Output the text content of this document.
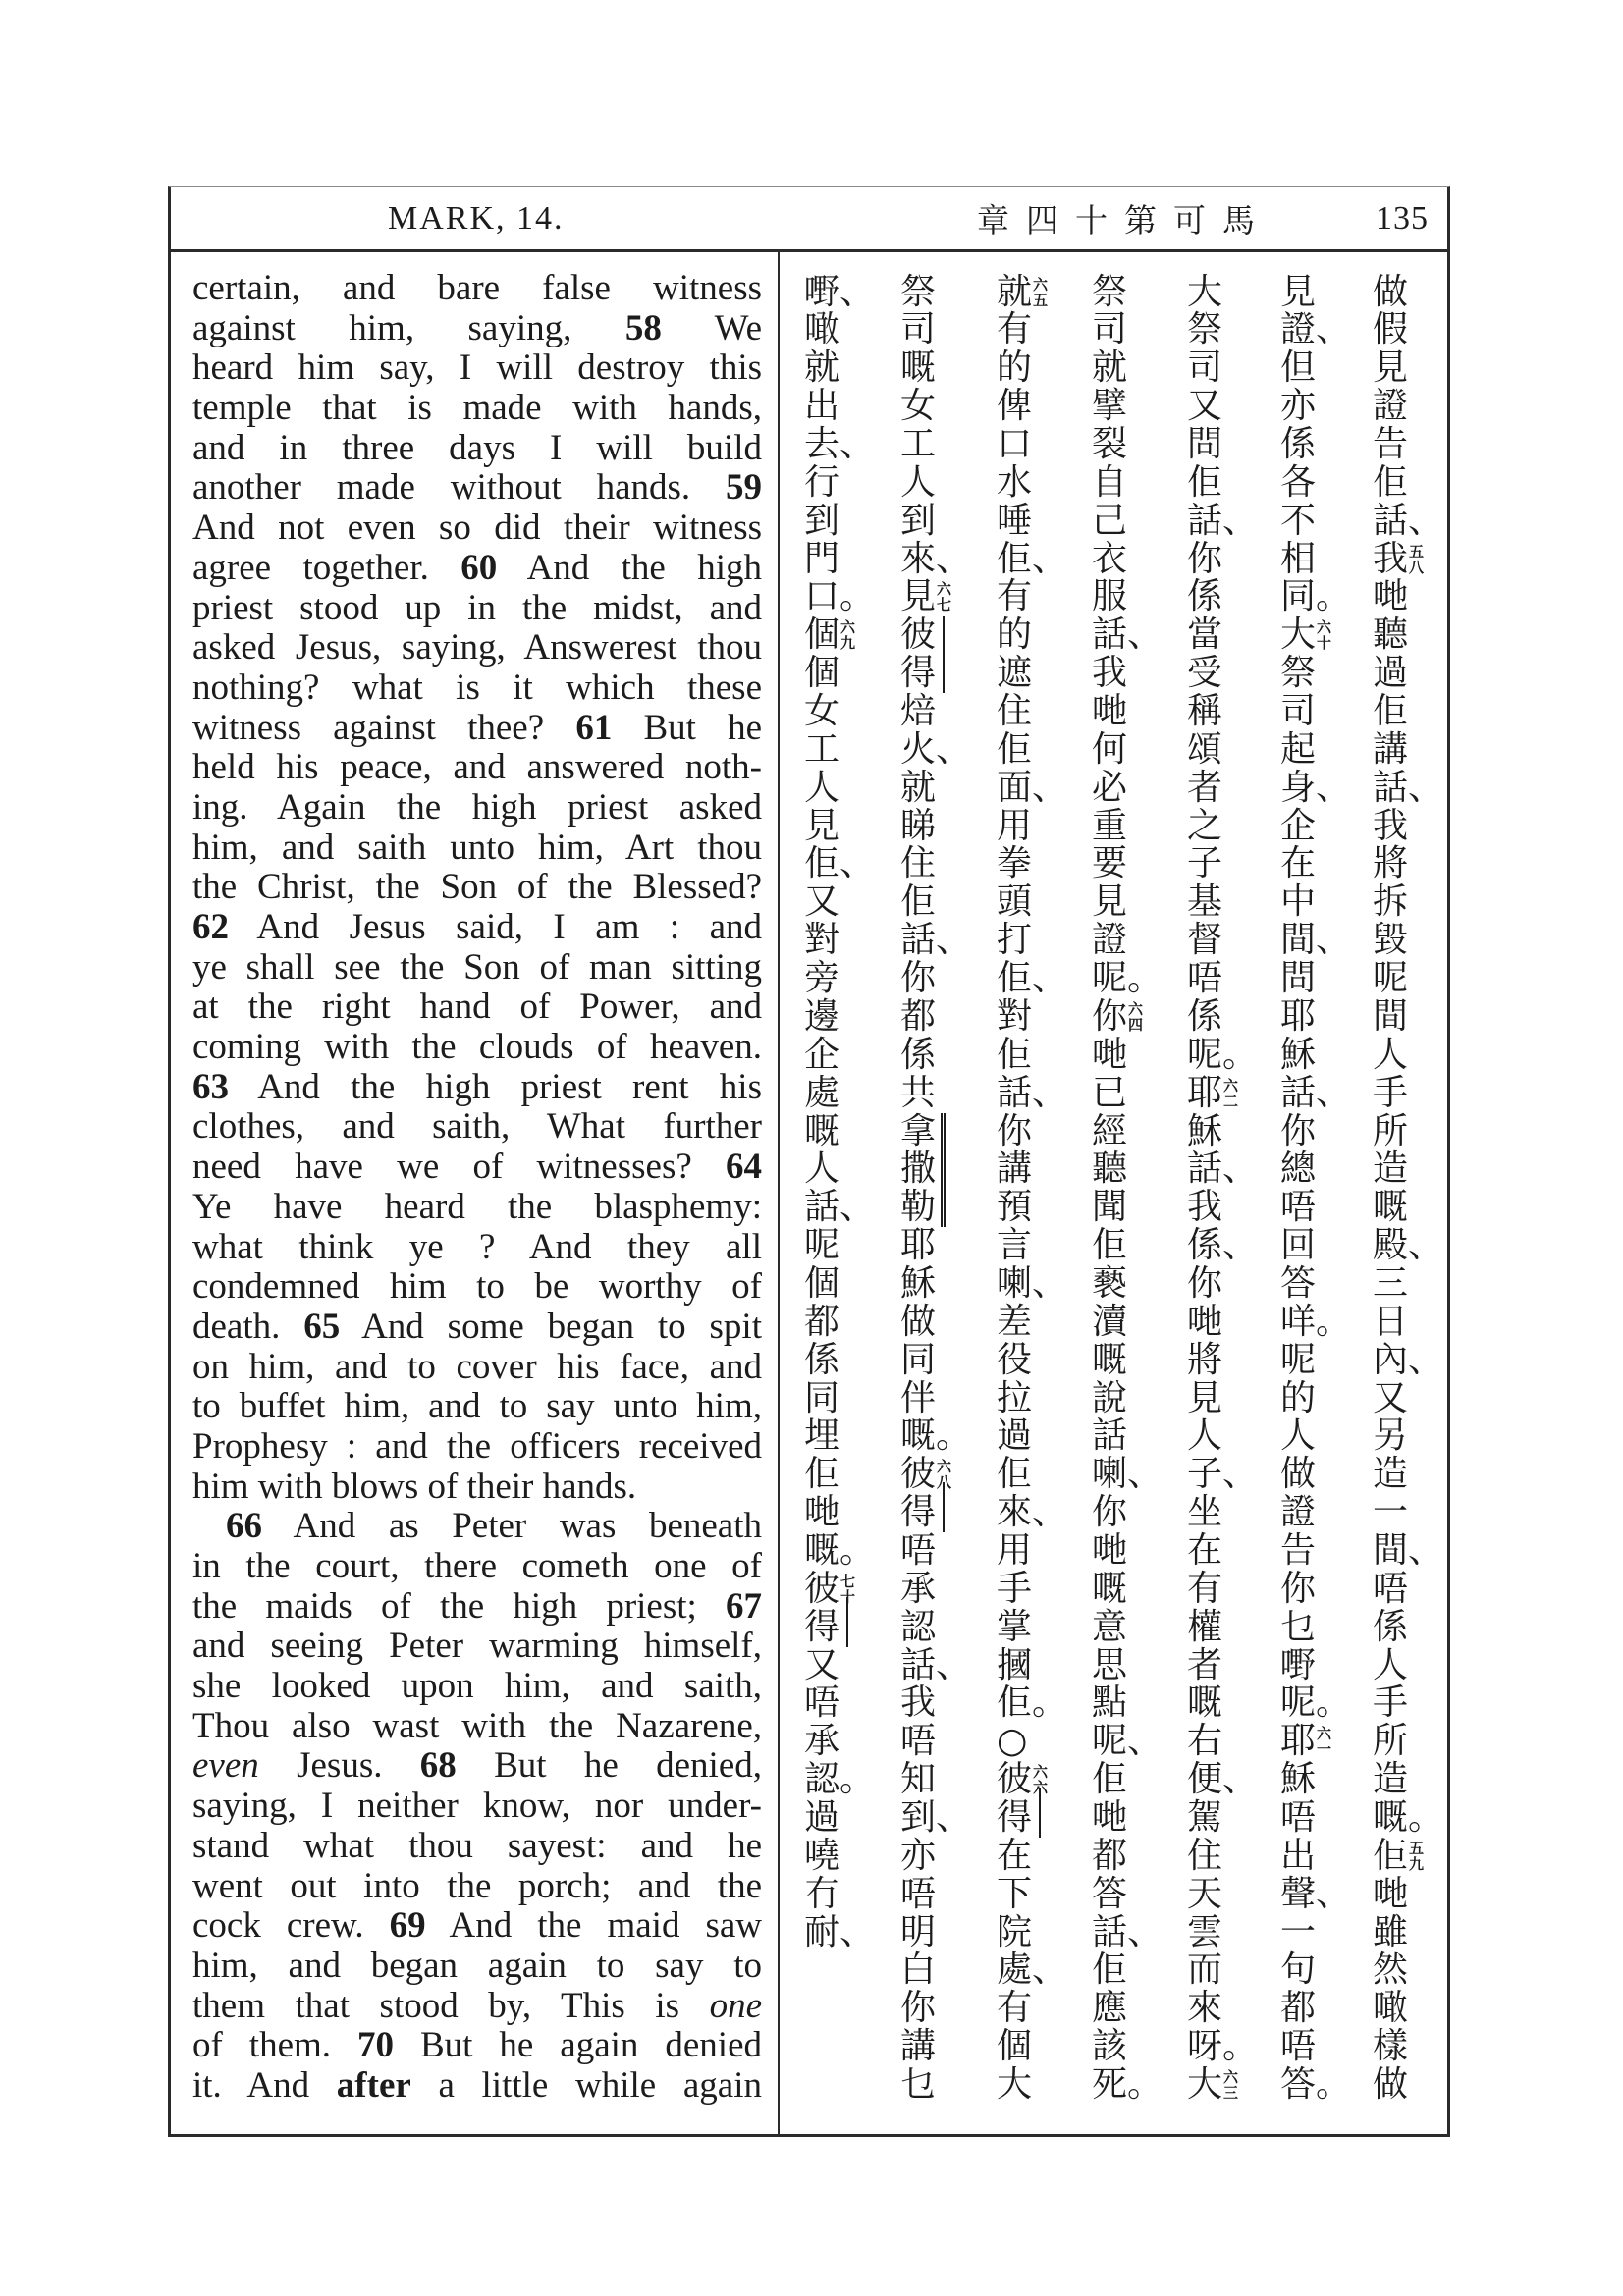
MARK, 14.	章四十第可馬	135
certain, and bare false witness
against him, saying, 58 We
heard him say, I will destroy this
temple that is made with hands,
and in three days I will build
another made without hands. 59
And not even so did their witness
agree together. 60 And the high
priest stood up in the midst, and
asked Jesus, saying, Answerest thou
nothing? what is it which these
witness against thee? 61 But he
held his peace, and answered noth-
ing. Again the high priest asked
him, and saith unto him, Art thou
the Christ, the Son of the Blessed?
62 And Jesus said, I am : and
ye shall see the Son of man sitting
at the right hand of Power, and
coming with the clouds of heaven.
63 And the high priest rent his
clothes, and saith, What further
need have we of witnesses? 64
Ye have heard the blasphemy:
what think ye ? And they all
condemned him to be worthy of
death. 65 And some began to spit
on him, and to cover his face, and
to buffet him, and to say unto him,
Prophesy : and the officers received
him with blows of their hands.
66 And as Peter was beneath
in the court, there cometh one of
the maids of the high priest; 67
and seeing Peter warming himself,
she looked upon him, and saith,
Thou also wast with the Nazarene,
even Jesus. 68 But he denied,
saying, I neither know, nor under-
stand what thou sayest: and he
went out into the porch; and the
cock crew. 69 And the maid saw
him, and began again to say to
them that stood by, This is one
of them. 70 But he again denied
it. And after a little while again
做
假
見
證
告
佢
話、
我 五八
哋
聽
過
佢
講
話、
我
將
拆
毀
呢
間
人
手
所
造
嘅
殿、
三
日
內、
又
另
造
一
間、
唔
係
人
手
所
造
嘅。
佢 五九
哋
雖
然
噉
樣
做
見
證、
但
亦
係
各
不
相
同。
大 六十
祭
司
起
身、
企
在
中
間、
問
耶
穌
話、
你
總
唔
回
答
咩。
呢
的
人
做
證
告
你
乜
嘢
呢。
耶 六一
穌
唔
出
聲、
一
句
都
唔
答。
大
祭
司
又
問
佢
話、
你
係
當
受
稱
頌
者
之
子
基
督
唔
係
呢。
耶 六二
穌
話、
我
係、
你
哋
將
見
人
子、
坐
在
有
權
者
嘅
右
便、
駕
住
天
雲
而
來
呀。
大 六三
祭
司
就
擘
裂
自
己
衣
服
話、
我
哋
何
必
重
要
見
證
呢。
你 六四
哋
已
經
聽
聞
佢
褻
瀆
嘅
說
話
喇、
你
哋
嘅
意
思
點
呢、
佢
哋
都
答
話、
佢
應
該
死。
就 六五
有
的
俾
口
水
唾
佢、
有
的
遮
住
佢
面、
用
拳
頭
打
佢、
對
佢
話、
你
講
預
言
喇、
差
役
拉
過
佢
來、
用
手
掌
摑
佢。
○
彼 六六
得
在
下
院
處、
有
個
大
祭
司
嘅
女
工
人
到
來、
見 六七
彼
得
焙
火、
就
睇
住
佢
話、
你
都
係
共
拿
撒
勒
耶
穌
做
同
伴
嘅。
彼 六八
得
唔
承
認
話、
我
唔
知
到、
亦
唔
明
白
你
講
乜
嘢、
噉
就
出
去、
行
到
門
口。
個 六九
個
女
工
人
見
佢、
又
對
旁
邊
企
處
嘅
人
話、
呢
個
都
係
同
埋
佢
哋
嘅。
彼 七十
得
又
唔
承
認。
過
嘵
冇
耐、
